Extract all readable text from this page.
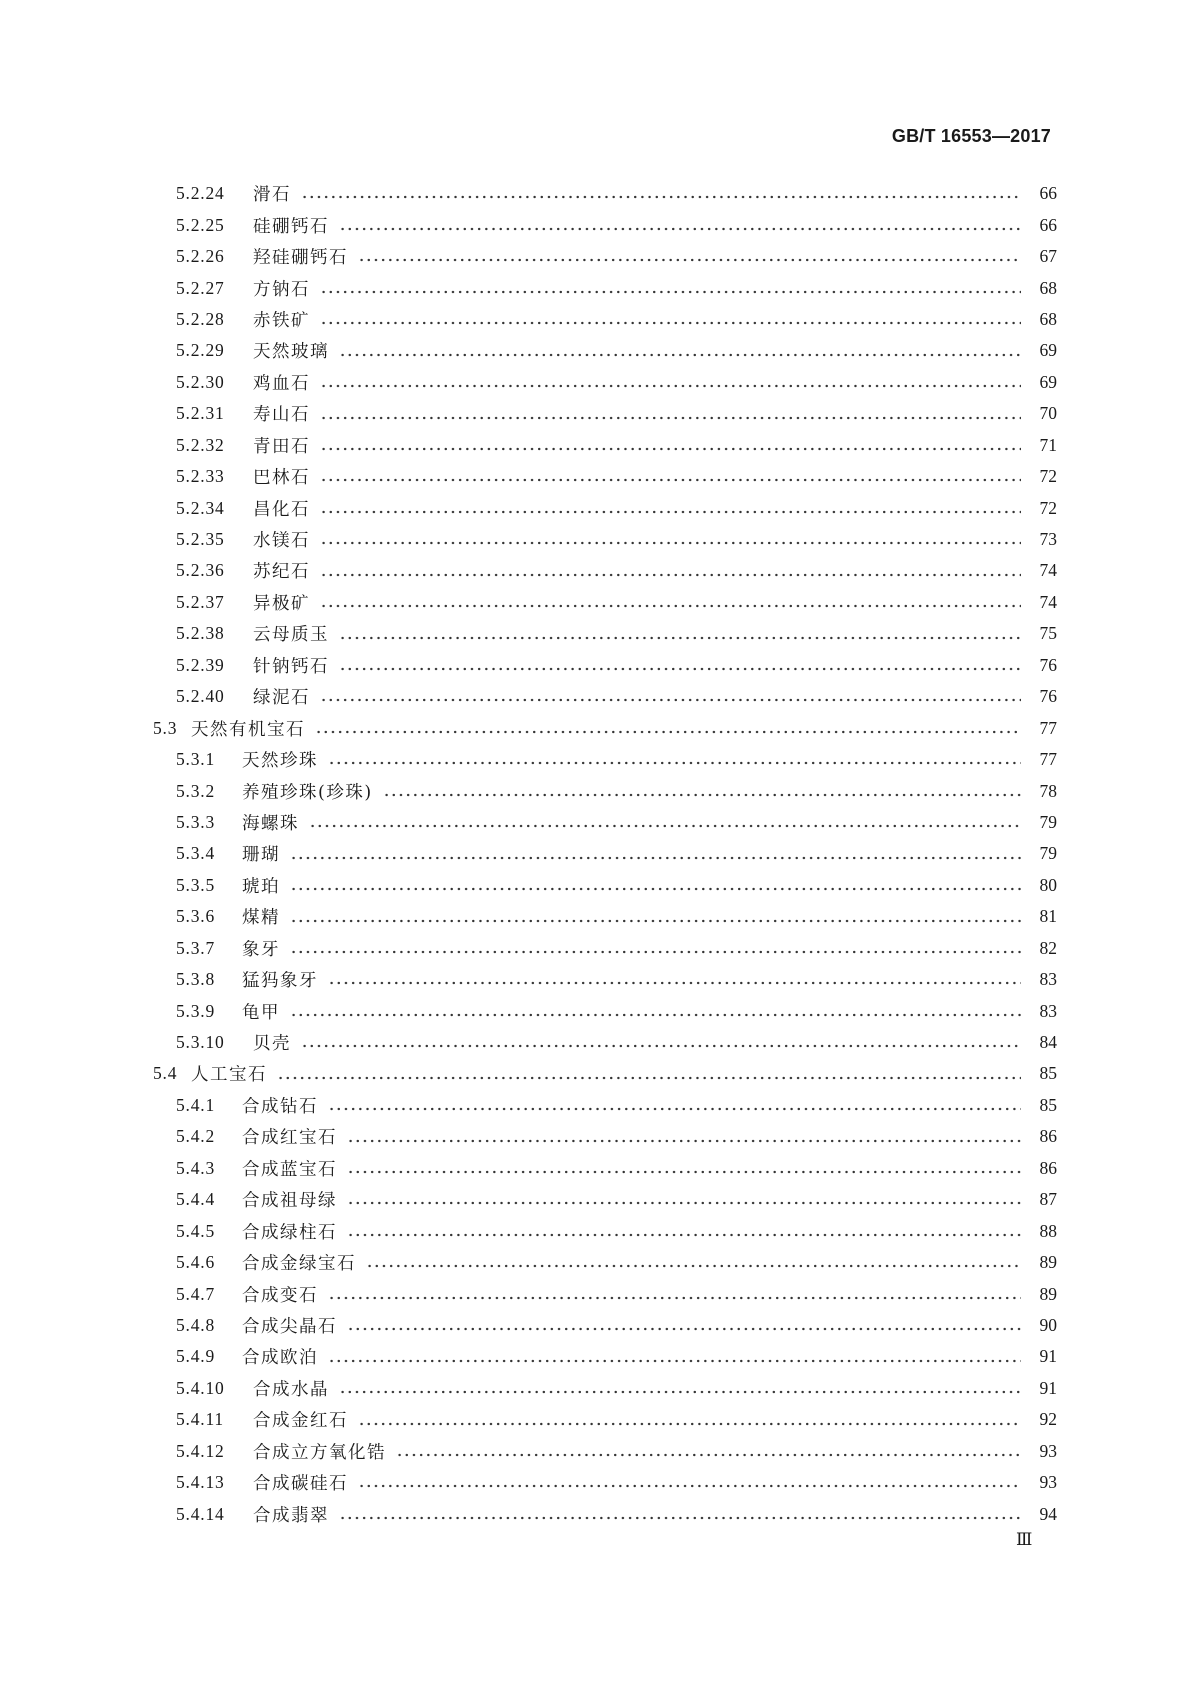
GB/T 16553—2017
5.2.24	滑石	66
5.2.25	硅硼钙石	66
5.2.26	羟硅硼钙石	67
5.2.27	方钠石	68
5.2.28	赤铁矿	68
5.2.29	天然玻璃	69
5.2.30	鸡血石	69
5.2.31	寿山石	70
5.2.32	青田石	71
5.2.33	巴林石	72
5.2.34	昌化石	72
5.2.35	水镁石	73
5.2.36	苏纪石	74
5.2.37	异极矿	74
5.2.38	云母质玉	75
5.2.39	针钠钙石	76
5.2.40	绿泥石	76
5.3 天然有机宝石	77
5.3.1	天然珍珠	77
5.3.2	养殖珍珠(珍珠)	78
5.3.3	海螺珠	79
5.3.4	珊瑚	79
5.3.5	琥珀	80
5.3.6	煤精	81
5.3.7	象牙	82
5.3.8	猛犸象牙	83
5.3.9	龟甲	83
5.3.10	贝壳	84
5.4 人工宝石	85
5.4.1	合成钻石	85
5.4.2	合成红宝石	86
5.4.3	合成蓝宝石	86
5.4.4	合成祖母绿	87
5.4.5	合成绿柱石	88
5.4.6	合成金绿宝石	89
5.4.7	合成变石	89
5.4.8	合成尖晶石	90
5.4.9	合成欧泊	91
5.4.10	合成水晶	91
5.4.11	合成金红石	92
5.4.12	合成立方氧化锆	93
5.4.13	合成碳硅石	93
5.4.14	合成翡翠	94
Ⅲ
